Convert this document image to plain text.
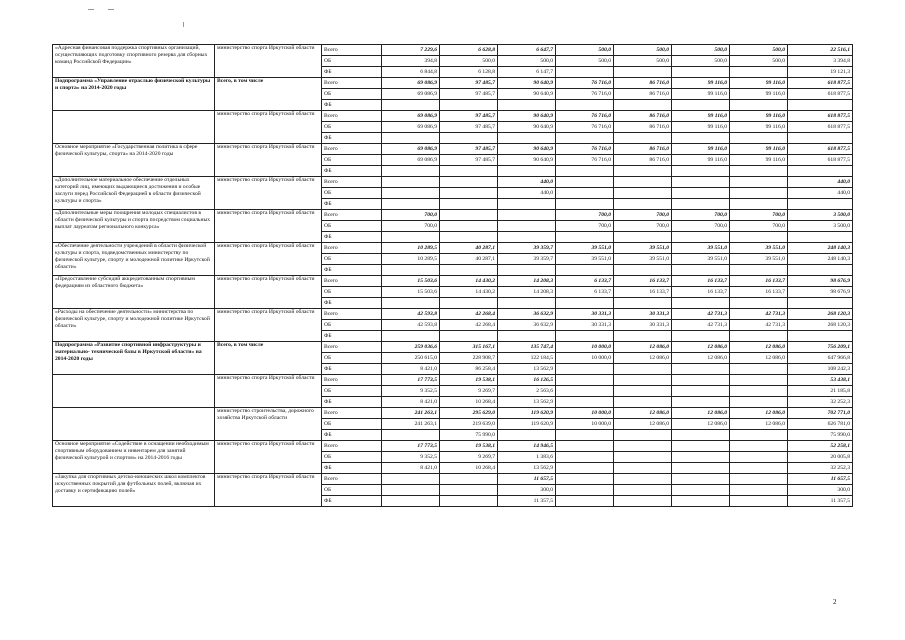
«Адресная финансовая поддержка спортивных организаций, осуществляющих подготовку спортивного резерва для сборных команд Российской Федерации»	министерство спорта Иркутской области	Всего	7 229,6	6 628,8	6 647,7	500,0	500,0	500,0	500,0	22 516,1
		ОБ	394,8	500,0	500,0	500,0	500,0	500,0	500,0	3 394,8
		ФБ	6 844,8	6 128,8	6 147,7					19 121,3
Подпрограмма «Управление отраслью физической культуры и спорта» на 2014-2020 годы	Всего, в том числе	Всего	69 086,9	97 485,7	90 640,9	76 716,0	86 716,0	99 116,0	99 116,0	618 877,5
		ОБ	69 086,9	97 485,7	90 640,9	76 716,0	86 716,0	99 116,0	99 116,0	618 877,5
		ФБ								
	министерство спорта Иркутской области	Всего	69 086,9	97 485,7	90 640,9	76 716,0	86 716,0	99 116,0	99 116,0	618 877,5
		ОБ	69 086,9	97 485,7	90 640,9	76 716,0	86 716,0	99 116,0	99 116,0	618 877,5
		ФБ								
Основное мероприятие «Государственная политика в сфере физической культуры, спорта» на 2014-2020 годы	министерство спорта Иркутской области	Всего	69 086,9	97 485,7	90 640,9	76 716,0	86 716,0	99 116,0	99 116,0	618 877,5
		ОБ	69 086,9	97 485,7	90 640,9	76 716,0	86 716,0	99 116,0	99 116,0	618 877,5
		ФБ								
«Дополнительное материальное обеспечение отдельных категорий лиц, имеющих выдающиеся достижения и особые заслуги перед Российской Федерацией в области физической культуры и спорта»	министерство спорта Иркутской области	Всего			440,0					440,0
		ОБ			440,0					440,0
		ФБ								
«Дополнительные меры поощрения молодых специалистов в области физической культуры и спорта посредством социальных выплат лауреатам регионального конкурса»	министерство спорта Иркутской области	Всего	700,0			700,0	700,0	700,0	700,0	3 500,0
		ОБ	700,0			700,0	700,0	700,0	700,0	3 500,0
		ФБ								
«Обеспечение деятельности учреждений в области физической культуры и спорта, подведомственных министерству по физической культуре, спорту и молодежной политике Иркутской области»	министерство спорта Иркутской области	Всего	10 289,5	40 287,1	39 359,7	39 551,0	39 551,0	39 551,0	39 551,0	248 140,3
		ОБ	10 289,5	40 287,1	39 359,7	39 551,0	39 551,0	39 551,0	39 551,0	248 140,3
		ФБ								
«Предоставление субсидий аккредитованным спортивным федерациям из областного бюджета»	министерство спорта Иркутской области	Всего	15 503,6	14 430,2	14 208,3	6 133,7	16 133,7	16 133,7	16 133,7	98 676,9
		ОБ	15 503,6	14 430,2	14 208,3	6 133,7	16 133,7	16 133,7	16 133,7	98 676,9
		ФБ								
«Расходы на обеспечение деятельности» министерства по физической культуре, спорту и молодежной политике Иркутской области»	министерство спорта Иркутской области	Всего	42 593,8	42 268,4	36 632,9	30 331,3	30 331,3	42 731,3	42 731,3	268 120,3
		ОБ	42 593,8	42 268,4	36 632,9	30 331,3	30 331,3	42 731,3	42 731,3	268 120,3
		ФБ								
Подпрограмма «Развитие спортивной инфраструктуры и материально- технической базы в Иркутской области» на 2014-2020 годы	Всего, в том числе	Всего	259 036,6	315 167,1	135 747,4	10 000,0	12 086,0	12 086,0	12 086,0	756 209,1
		ОБ	250 615,0	228 908,7	122 184,5	10 000,0	12 086,0	12 086,0	12 086,0	647 966,8
		ФБ	8 421,0	86 258,4	13 562,9					108 242,3
	министерство спорта Иркутской области	Всего	17 773,5	19 538,1	16 126,5					53 438,1
		ОБ	9 352,5	9 269,7	2 563,6					21 185,8
		ФБ	8 421,0	10 268,4	13 562,9					32 252,3
	министерство строительства, дорожного хозяйства Иркутской области	Всего	241 263,1	295 629,0	119 620,9	10 000,0	12 086,0	12 086,0	12 086,0	702 771,0
		ОБ	241 263,1	219 639,0	119 620,9	10 000,0	12 086,0	12 086,0	12 086,0	626 781,0
		ФБ		75 990,0						75 990,0
Основное мероприятие «Содействие в оснащении необходимым спортивным оборудованием и инвентарем для занятий физической культурой и спортом» на 2014-2016 годы	министерство спорта Иркутской области	Всего	17 773,5	19 538,1	14 946,5					52 258,1
		ОБ	9 352,5	9 269,7	1 383,6					20 005,8
		ФБ	8 421,0	10 268,4	13 562,9					32 252,3
«Закупка для спортивных детско-юношеских школ комплектов искусственных покрытий для футбольных полей, включая их доставку и сертификацию полей»	министерство спорта Иркутской области	Всего			11 657,5					11 657,5
		ОБ			300,0					300,0
		ФБ			11 357,5					11 357,5
2
